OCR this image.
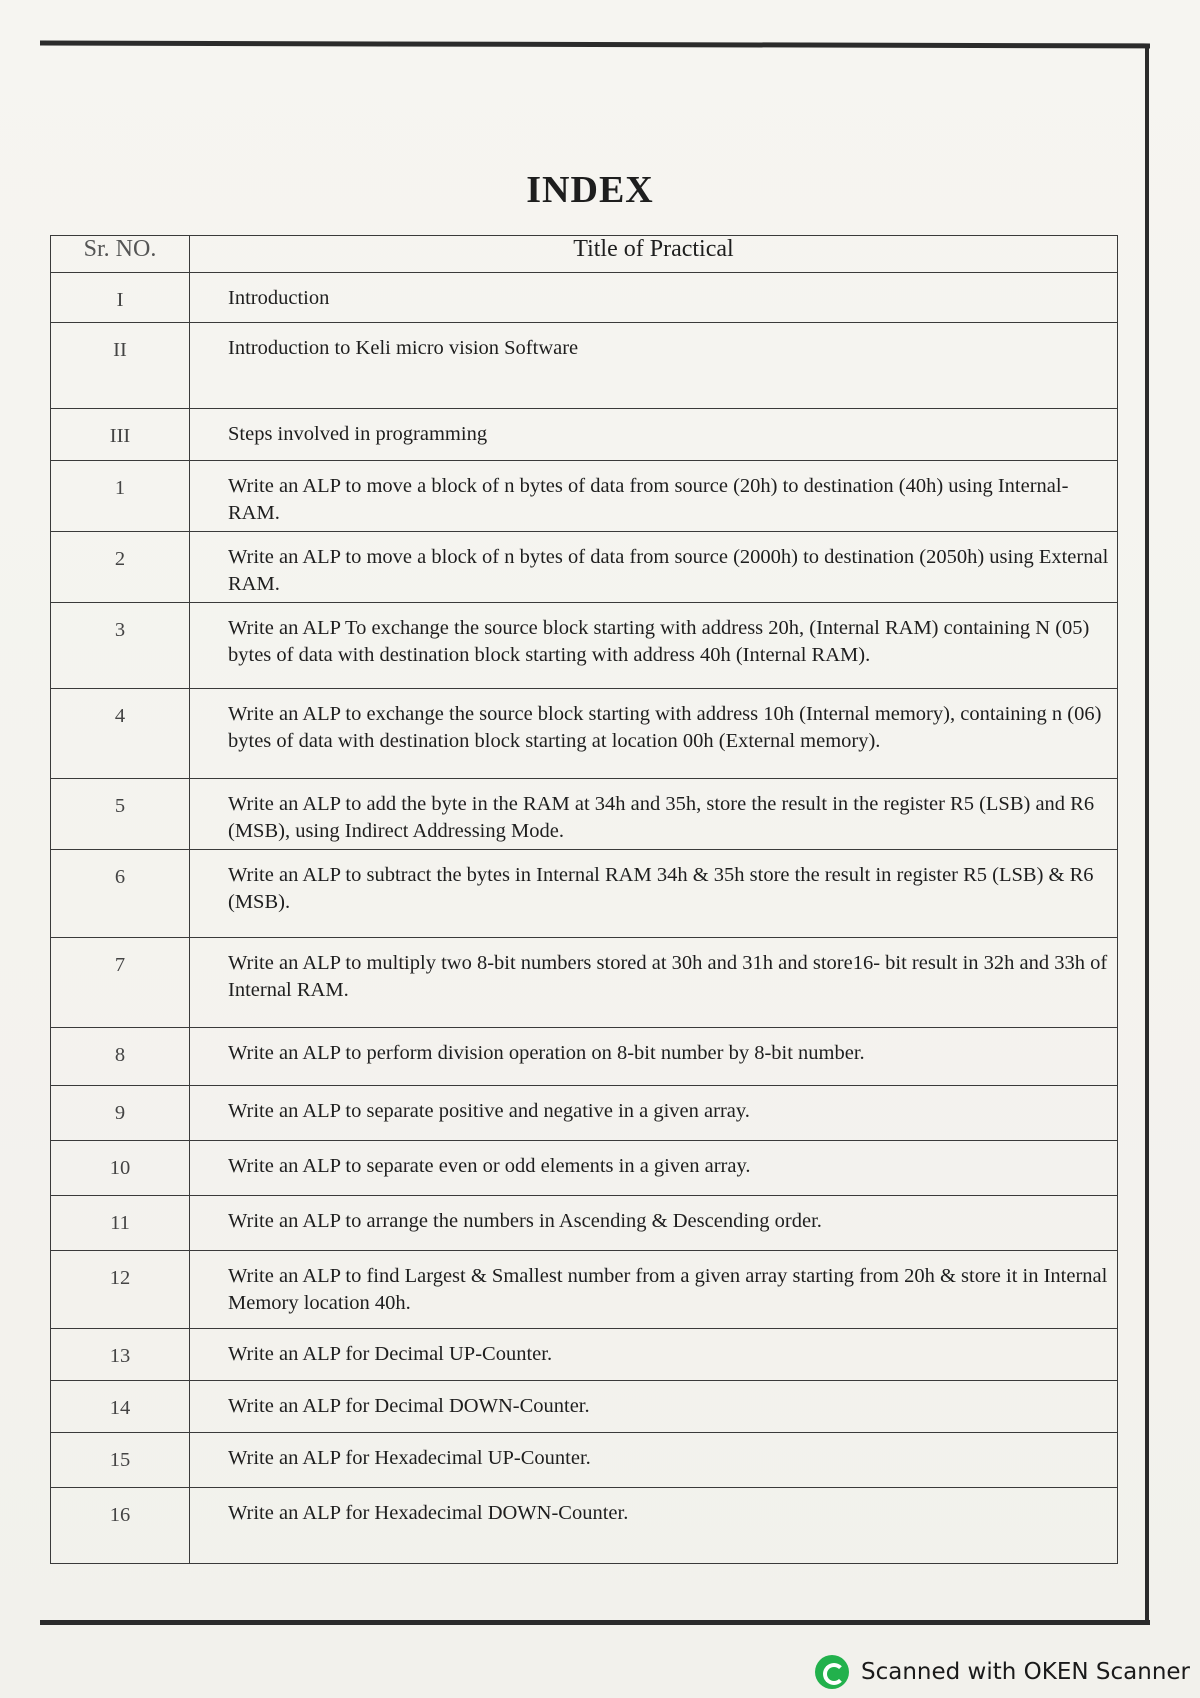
INDEX
Sr. NO.	Title of Practical
I	Introduction
II	Introduction to Keli micro vision Software
III	Steps involved in programming
1	Write an ALP to move a block of n bytes of data from source (20h) to destination (40h) using Internal-RAM.
2	Write an ALP to move a block of n bytes of data from source (2000h) to destination (2050h) using External RAM.
3	Write an ALP To exchange the source block starting with address 20h, (Internal RAM) containing N (05) bytes of data with destination block starting with address 40h (Internal RAM).
4	Write an ALP to exchange the source block starting with address 10h (Internal memory), containing n (06) bytes of data with destination block starting at location 00h (External memory).
5	Write an ALP to add the byte in the RAM at 34h and 35h, store the result in the register R5 (LSB) and R6 (MSB), using Indirect Addressing Mode.
6	Write an ALP to subtract the bytes in Internal RAM 34h & 35h store the result in register R5 (LSB) & R6 (MSB).
7	Write an ALP to multiply two 8-bit numbers stored at 30h and 31h and store16- bit result in 32h and 33h of Internal RAM.
8	Write an ALP to perform division operation on 8-bit number by 8-bit number.
9	Write an ALP to separate positive and negative in a given array.
10	Write an ALP to separate even or odd elements in a given array.
11	Write an ALP to arrange the numbers in Ascending & Descending order.
12	Write an ALP to find Largest & Smallest number from a given array starting from 20h & store it in Internal Memory location 40h.
13	Write an ALP for Decimal UP-Counter.
14	Write an ALP for Decimal DOWN-Counter.
15	Write an ALP for Hexadecimal UP-Counter.
16	Write an ALP for Hexadecimal DOWN-Counter.
Scanned with OKEN Scanner
